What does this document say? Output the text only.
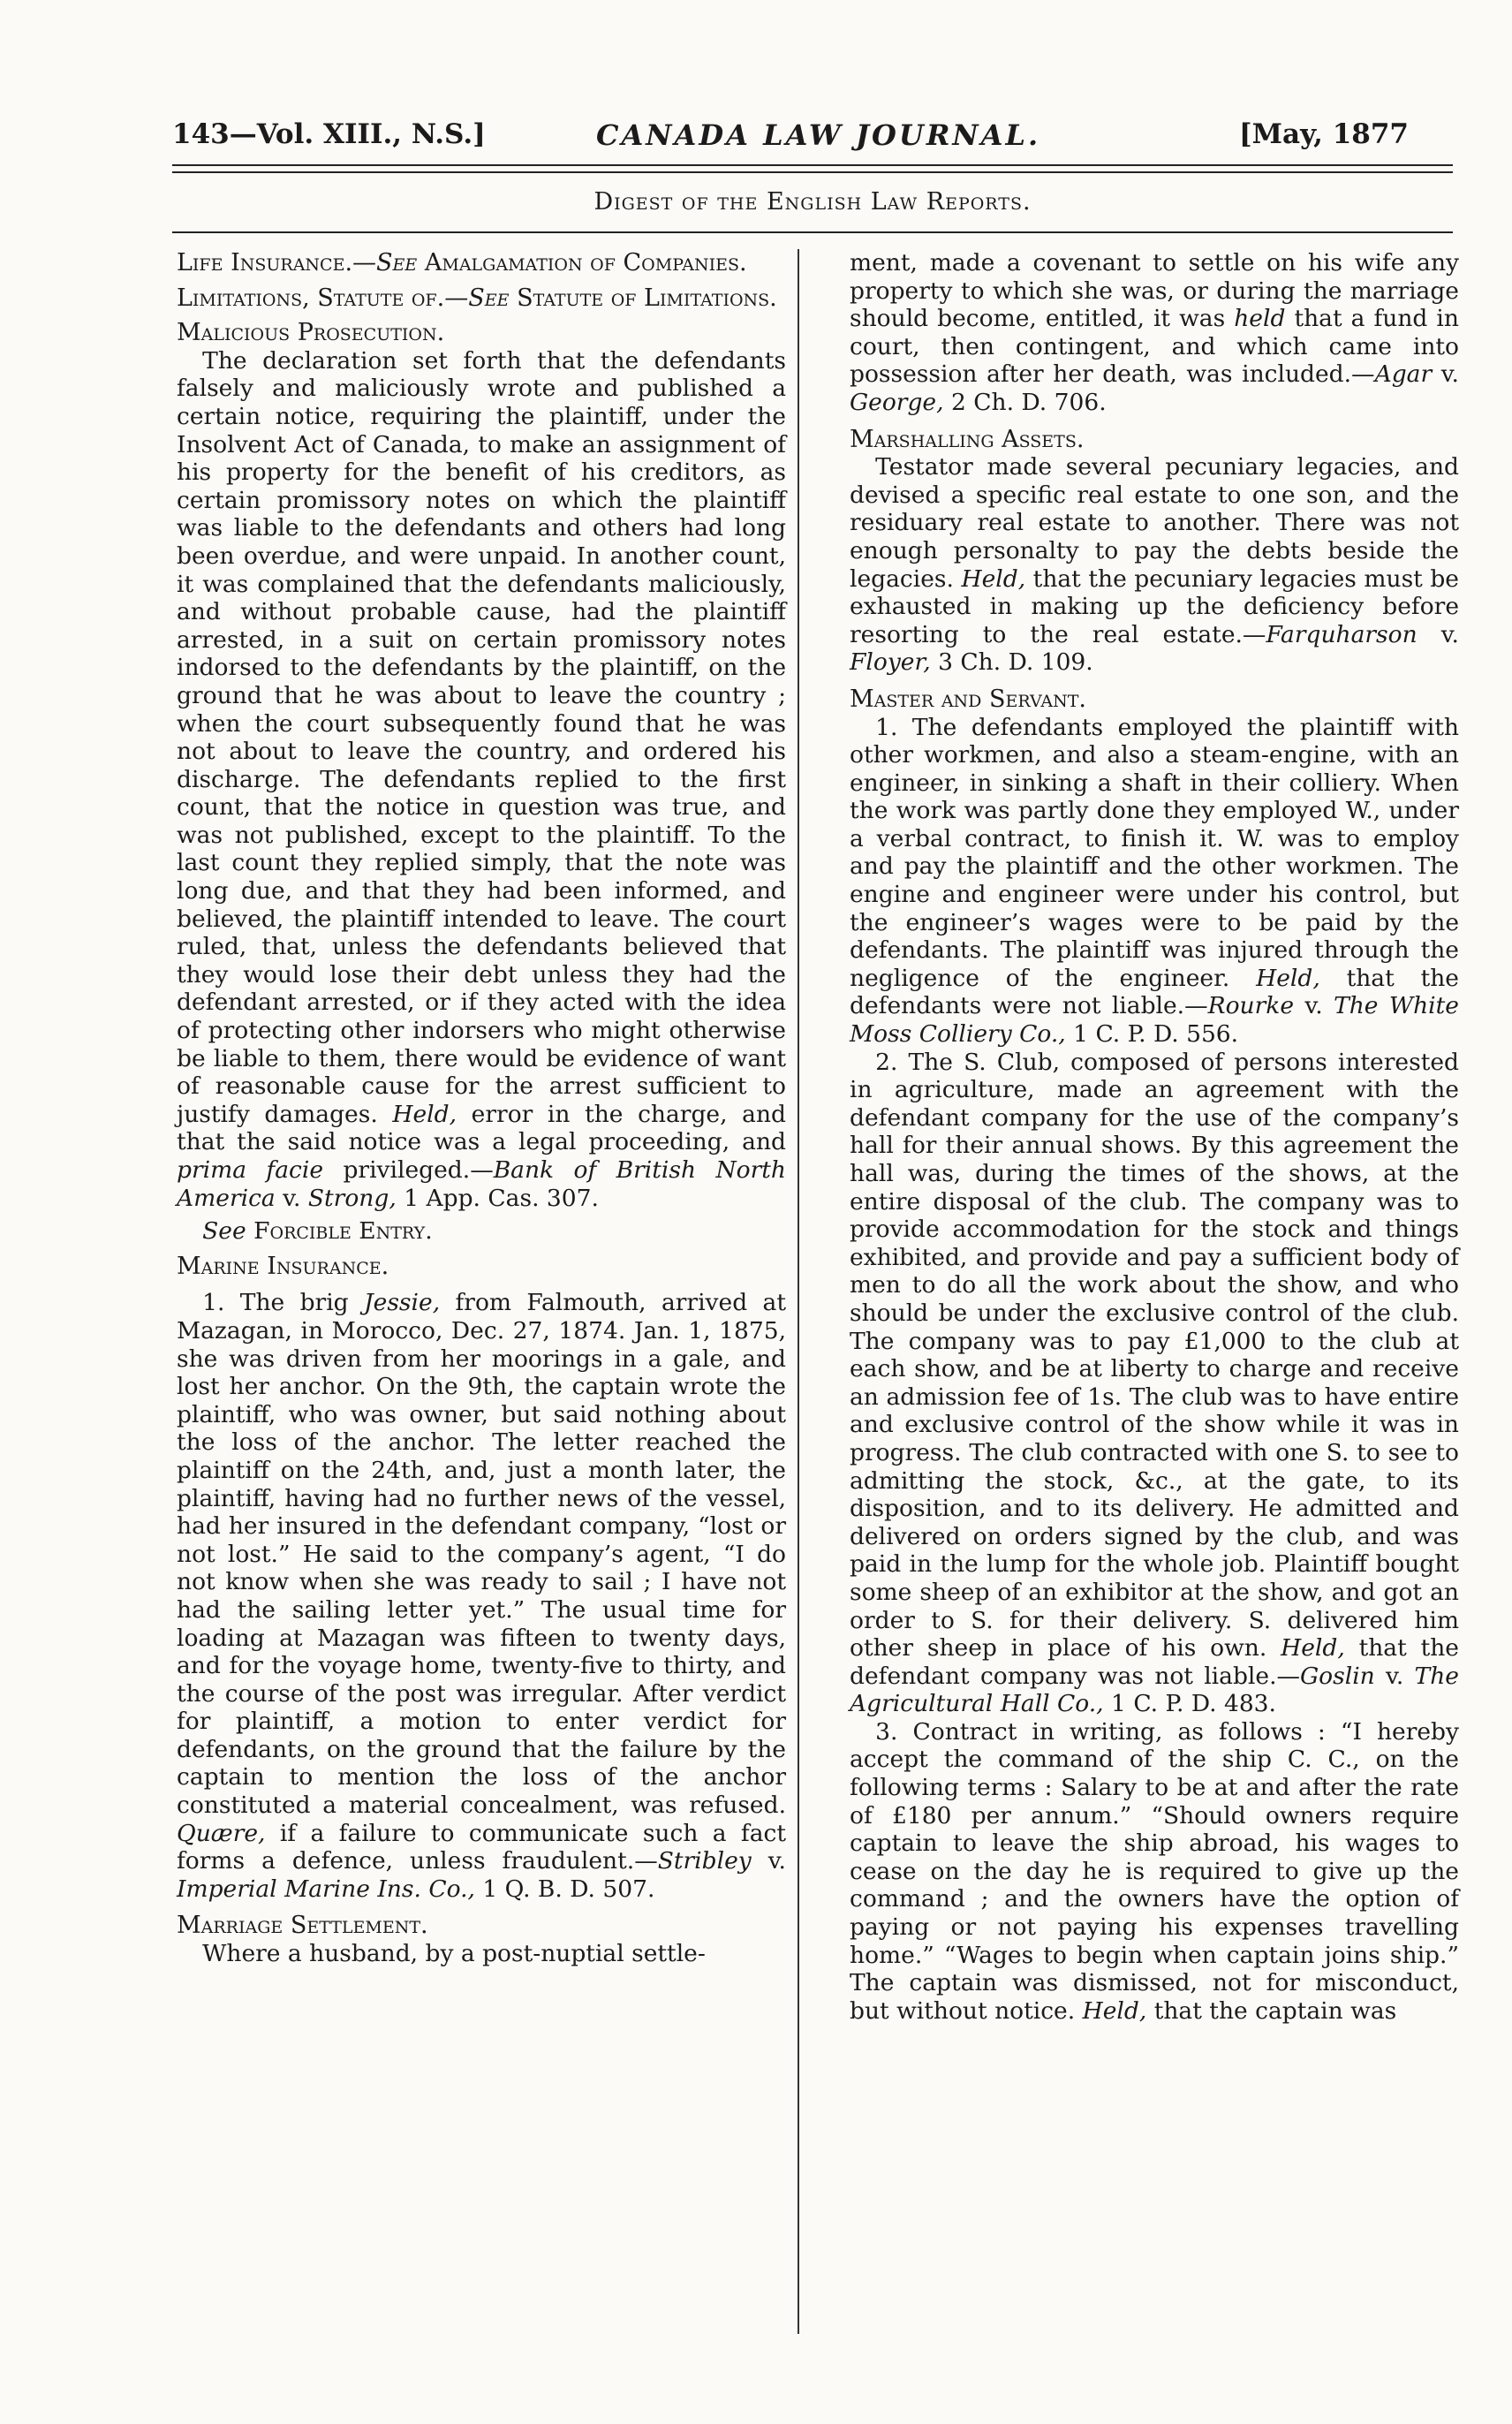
143—Vol. XIII., N.S.]	CANADA LAW JOURNAL.	[May, 1877
Digest of the English Law Reports.

Life Insurance.—See Amalgamation of Companies.

Limitations, Statute of.—See Statute of Limitations.

Malicious Prosecution.

The declaration set forth that the defendants falsely and maliciously wrote and published a certain notice, requiring the plaintiff, under the Insolvent Act of Canada, to make an assignment of his property for the benefit of his creditors, as certain promissory notes on which the plaintiff was liable to the defendants and others had long been overdue, and were unpaid. In another count, it was complained that the defendants maliciously, and without probable cause, had the plaintiff arrested, in a suit on certain promissory notes indorsed to the defendants by the plaintiff, on the ground that he was about to leave the country ; when the court subsequently found that he was not about to leave the country, and ordered his discharge. The defendants replied to the first count, that the notice in question was true, and was not published, except to the plaintiff. To the last count they replied simply, that the note was long due, and that they had been informed, and believed, the plaintiff intended to leave. The court ruled, that, unless the defendants believed that they would lose their debt unless they had the defendant arrested, or if they acted with the idea of protecting other indorsers who might otherwise be liable to them, there would be evidence of want of reasonable cause for the arrest sufficient to justify damages. Held, error in the charge, and that the said notice was a legal proceeding, and prima facie privileged.—Bank of British North America v. Strong, 1 App. Cas. 307.

See Forcible Entry.

Marine Insurance.

1. The brig Jessie, from Falmouth, arrived at Mazagan, in Morocco, Dec. 27, 1874. Jan. 1, 1875, she was driven from her moorings in a gale, and lost her anchor. On the 9th, the captain wrote the plaintiff, who was owner, but said nothing about the loss of the anchor. The letter reached the plaintiff on the 24th, and, just a month later, the plaintiff, having had no further news of the vessel, had her insured in the defendant company, “lost or not lost.” He said to the company’s agent, “I do not know when she was ready to sail ; I have not had the sailing letter yet.” The usual time for loading at Mazagan was fifteen to twenty days, and for the voyage home, twenty-five to thirty, and the course of the post was irregular. After verdict for plaintiff, a motion to enter verdict for defendants, on the ground that the failure by the captain to mention the loss of the anchor constituted a material concealment, was refused. Quære, if a failure to communicate such a fact forms a defence, unless fraudulent.—Stribley v. Imperial Marine Ins. Co., 1 Q. B. D. 507.

Marriage Settlement.

Where a husband, by a post-nuptial settle-

ment, made a covenant to settle on his wife any property to which she was, or during the marriage should become, entitled, it was held that a fund in court, then contingent, and which came into possession after her death, was included.—Agar v. George, 2 Ch. D. 706.

Marshalling Assets.

Testator made several pecuniary legacies, and devised a specific real estate to one son, and the residuary real estate to another. There was not enough personalty to pay the debts beside the legacies. Held, that the pecuniary legacies must be exhausted in making up the deficiency before resorting to the real estate.—Farquharson v. Floyer, 3 Ch. D. 109.

Master and Servant.

1. The defendants employed the plaintiff with other workmen, and also a steam-engine, with an engineer, in sinking a shaft in their colliery. When the work was partly done they employed W., under a verbal contract, to finish it. W. was to employ and pay the plaintiff and the other workmen. The engine and engineer were under his control, but the engineer’s wages were to be paid by the defendants. The plaintiff was injured through the negligence of the engineer. Held, that the defendants were not liable.—Rourke v. The White Moss Colliery Co., 1 C. P. D. 556.

2. The S. Club, composed of persons interested in agriculture, made an agreement with the defendant company for the use of the company’s hall for their annual shows. By this agreement the hall was, during the times of the shows, at the entire disposal of the club. The company was to provide accommodation for the stock and things exhibited, and provide and pay a sufficient body of men to do all the work about the show, and who should be under the exclusive control of the club. The company was to pay £1,000 to the club at each show, and be at liberty to charge and receive an admission fee of 1s. The club was to have entire and exclusive control of the show while it was in progress. The club contracted with one S. to see to admitting the stock, &c., at the gate, to its disposition, and to its delivery. He admitted and delivered on orders signed by the club, and was paid in the lump for the whole job. Plaintiff bought some sheep of an exhibitor at the show, and got an order to S. for their delivery. S. delivered him other sheep in place of his own. Held, that the defendant company was not liable.—Goslin v. The Agricultural Hall Co., 1 C. P. D. 483.

3. Contract in writing, as follows : “I hereby accept the command of the ship C. C., on the following terms : Salary to be at and after the rate of £180 per annum.” “Should owners require captain to leave the ship abroad, his wages to cease on the day he is required to give up the command ; and the owners have the option of paying or not paying his expenses travelling home.” “Wages to begin when captain joins ship.” The captain was dismissed, not for misconduct, but without notice. Held, that the captain was
